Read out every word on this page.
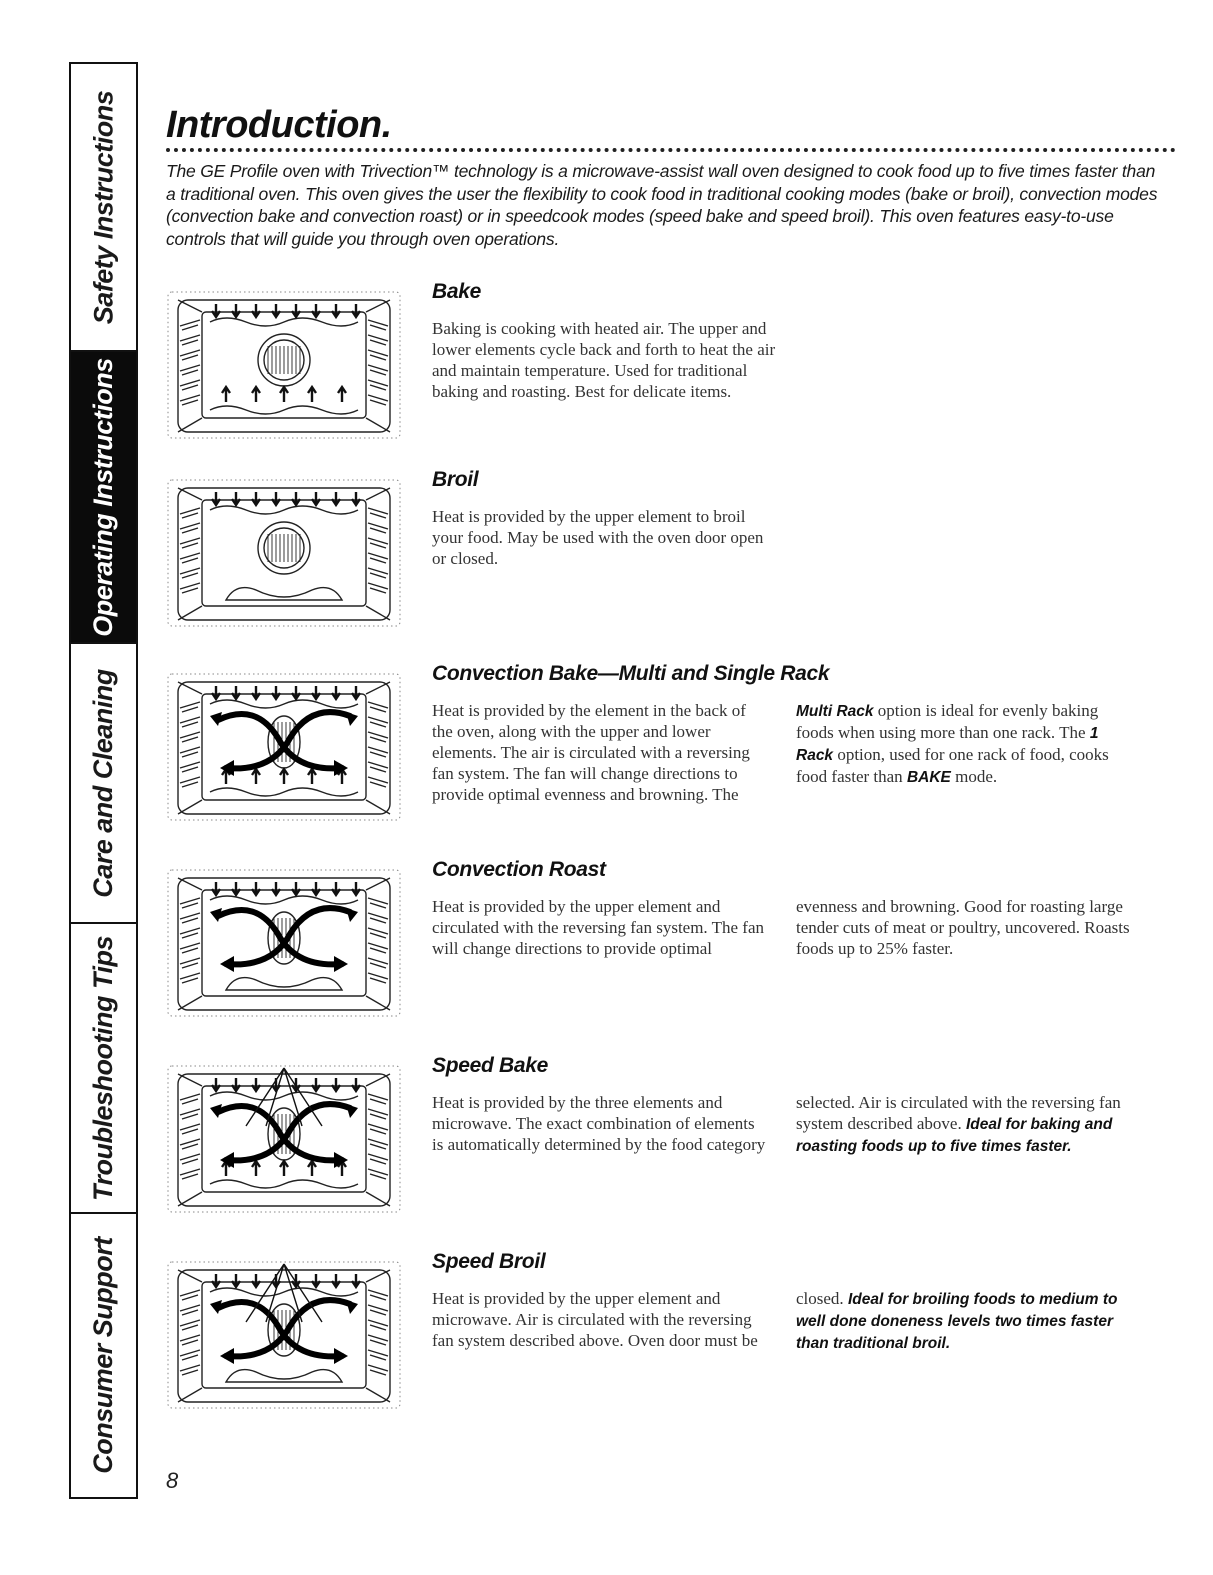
Safety Instructions
Operating Instructions
Care and Cleaning
Troubleshooting Tips
Consumer Support
Introduction.

The GE Profile oven with Trivection™ technology is a microwave-assist wall oven designed to cook food up to five times faster than a traditional oven. This oven gives the user the flexibility to cook food in traditional cooking modes (bake or broil), convection modes (convection bake and convection roast) or in speedcook modes (speed bake and speed broil). This oven features easy-to-use controls that will guide you through oven operations.

Bake

Baking is cooking with heated air. The upper and lower elements cycle back and forth to heat the air and maintain temperature. Used for traditional baking and roasting. Best for delicate items.

Broil

Heat is provided by the upper element to broil your food. May be used with the oven door open or closed.

Convection Bake—Multi and Single Rack

Heat is provided by the element in the back of the oven, along with the upper and lower elements. The air is circulated with a reversing fan system. The fan will change directions to provide optimal evenness and browning. The Multi Rack option is ideal for evenly baking foods when using more than one rack. The 1 Rack option, used for one rack of food, cooks food faster than BAKE mode.

Convection Roast

Heat is provided by the upper element and circulated with the reversing fan system. The fan will change directions to provide optimal evenness and browning. Good for roasting large tender cuts of meat or poultry, uncovered. Roasts foods up to 25% faster.

Speed Bake

Heat is provided by the three elements and microwave. The exact combination of elements is automatically determined by the food category selected. Air is circulated with the reversing fan system described above. Ideal for baking and roasting foods up to five times faster.

Speed Broil

Heat is provided by the upper element and microwave. Air is circulated with the reversing fan system described above. Oven door must be closed. Ideal for broiling foods to medium to well done doneness levels two times faster than traditional broil.

8
